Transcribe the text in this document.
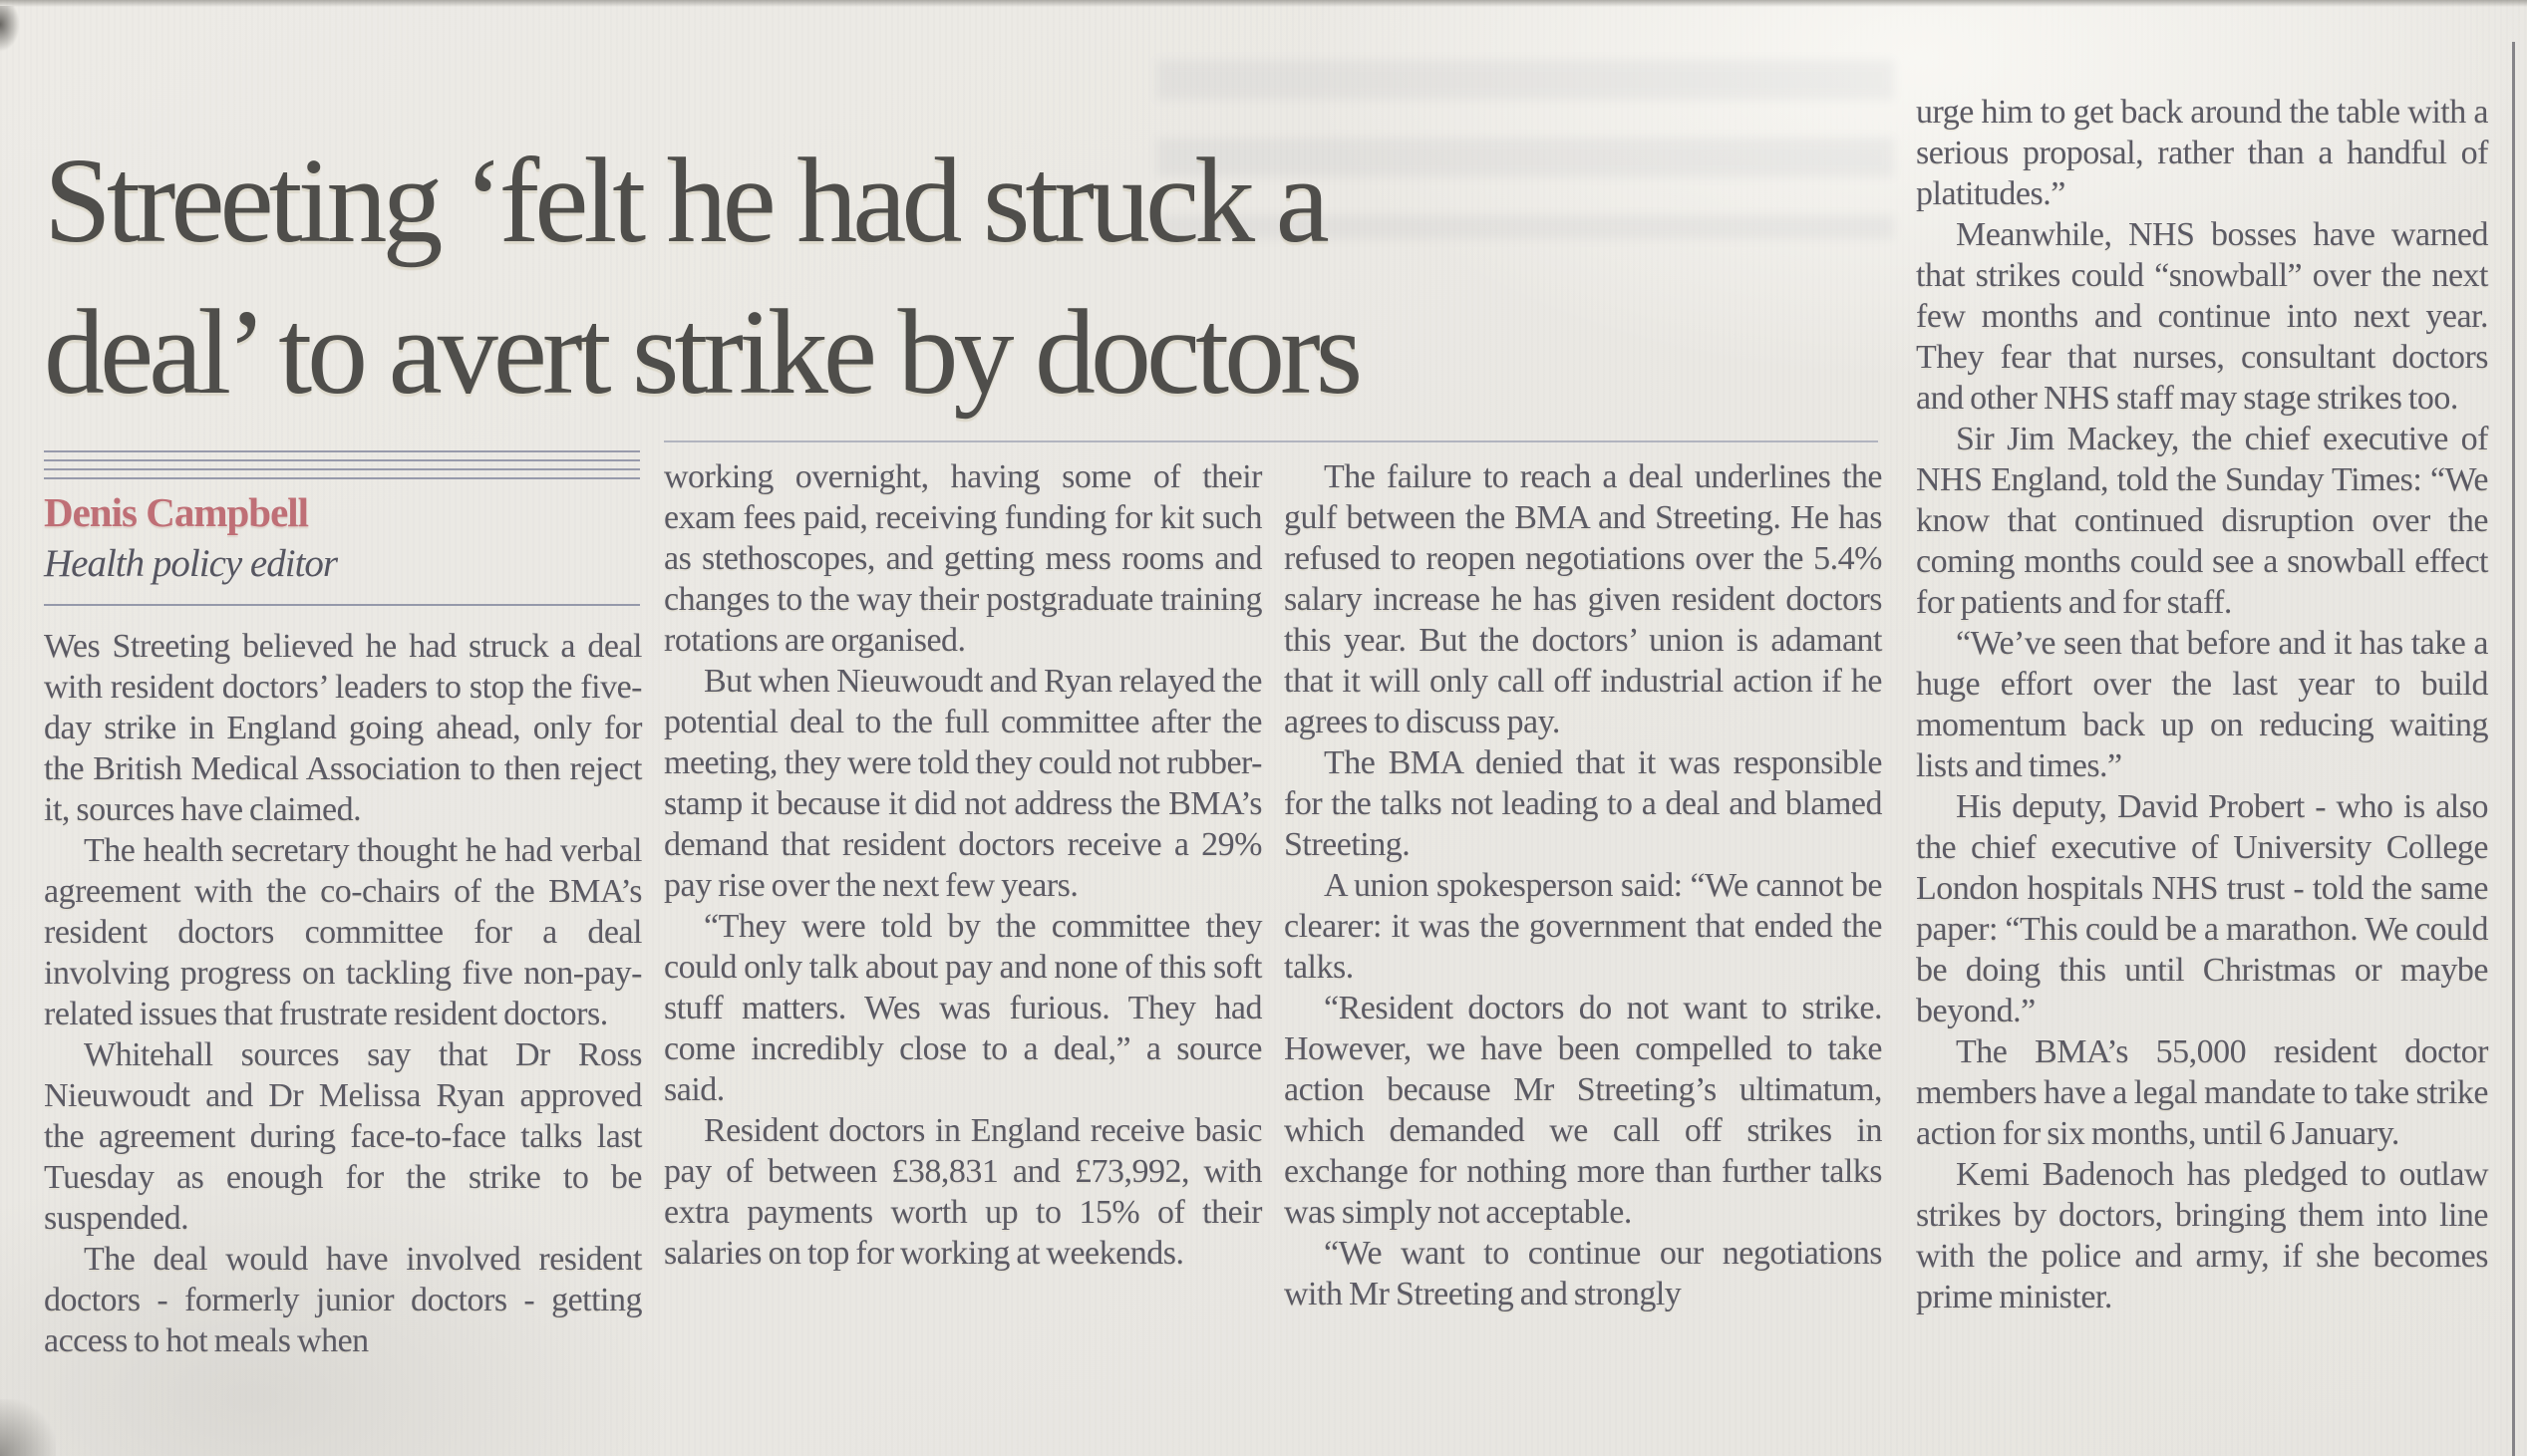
Streeting ‘felt he had struck a
deal’ to avert strike by doctors
Denis Campbell
Health policy editor

Wes Streeting believed he had struck a deal with resident doctors’ leaders to stop the five-day strike in England going ahead, only for the British Medical Association to then reject it, sources have claimed.

The health secretary thought he had verbal agreement with the co-chairs of the BMA’s resident doctors committee for a deal involving progress on tackling five non-pay-related issues that frustrate resident doctors.

Whitehall sources say that Dr Ross Nieuwoudt and Dr Melissa Ryan approved the agreement during face-to-face talks last Tuesday as enough for the strike to be suspended.

The deal would have involved resident doctors - formerly junior doctors - getting access to hot meals when

working overnight, having some of their exam fees paid, receiving funding for kit such as stethoscopes, and getting mess rooms and changes to the way their postgraduate training rotations are organised.

But when Nieuwoudt and Ryan relayed the potential deal to the full committee after the meeting, they were told they could not rubber-stamp it because it did not address the BMA’s demand that resident doctors receive a 29% pay rise over the next few years.

“They were told by the committee they could only talk about pay and none of this soft stuff matters. Wes was furious. They had come incredibly close to a deal,” a source said.

Resident doctors in England receive basic pay of between £38,831 and £73,992, with extra payments worth up to 15% of their salaries on top for working at weekends.

The failure to reach a deal underlines the gulf between the BMA and Streeting. He has refused to reopen negotiations over the 5.4% salary increase he has given resident doctors this year. But the doctors’ union is adamant that it will only call off industrial action if he agrees to discuss pay.

The BMA denied that it was responsible for the talks not leading to a deal and blamed Streeting.

A union spokesperson said: “We cannot be clearer: it was the government that ended the talks.

“Resident doctors do not want to strike. However, we have been compelled to take action because Mr Streeting’s ultimatum, which demanded we call off strikes in exchange for nothing more than further talks was simply not acceptable.

“We want to continue our negotiations with Mr Streeting and strongly

urge him to get back around the table with a serious proposal, rather than a handful of platitudes.”

Meanwhile, NHS bosses have warned that strikes could “snowball” over the next few months and continue into next year. They fear that nurses, consultant doctors and other NHS staff may stage strikes too.

Sir Jim Mackey, the chief executive of NHS England, told the Sunday Times: “We know that continued disruption over the coming months could see a snowball effect for patients and for staff.

“We’ve seen that before and it has take a huge effort over the last year to build momentum back up on reducing waiting lists and times.”

His deputy, David Probert - who is also the chief executive of University College London hospitals NHS trust - told the same paper: “This could be a marathon. We could be doing this until Christmas or maybe beyond.”

The BMA’s 55,000 resident doctor members have a legal mandate to take strike action for six months, until 6 January.

Kemi Badenoch has pledged to outlaw strikes by doctors, bringing them into line with the police and army, if she becomes prime minister.
